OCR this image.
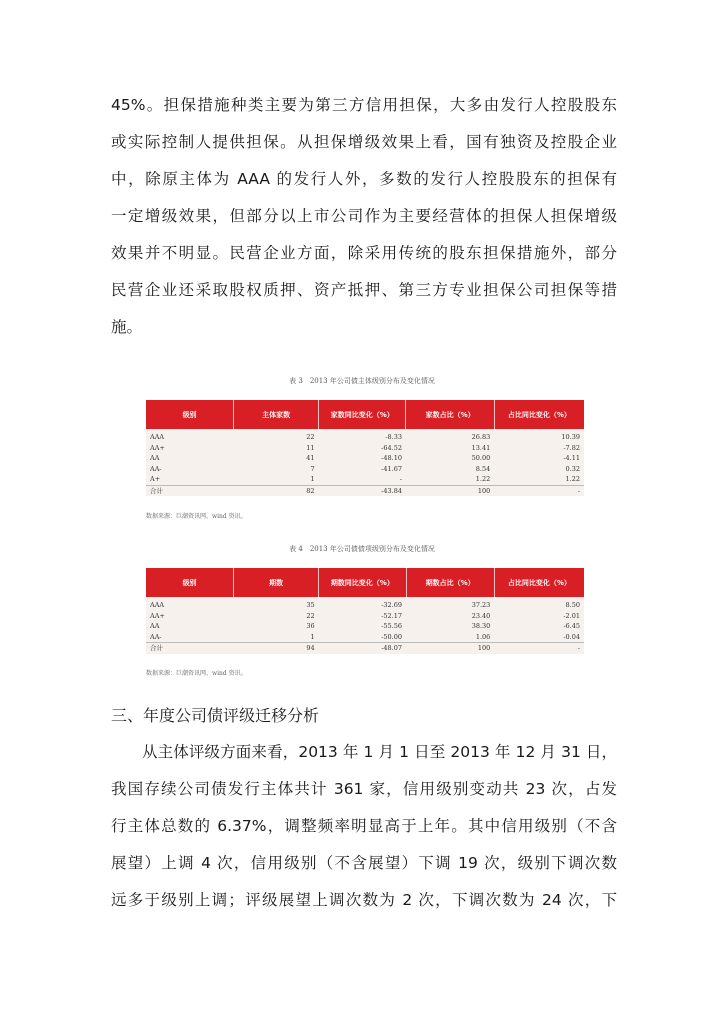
45%。担保措施种类主要为第三方信用担保，大多由发行人控股股东
或实际控制人提供担保。从担保增级效果上看，国有独资及控股企业
中，除原主体为 AAA 的发行人外，多数的发行人控股股东的担保有
一定增级效果，但部分以上市公司作为主要经营体的担保人担保增级
效果并不明显。民营企业方面，除采用传统的股东担保措施外，部分
民营企业还采取股权质押、资产抵押、第三方专业担保公司担保等措
施。
表 3　2013 年公司债主体级别分布及变化情况
级别	主体家数	家数同比变化（%）	家数占比（%）	占比同比变化（%）
AAA	22	-8.33	26.83	10.39
AA+	11	-64.52	13.41	-7.82
AA	41	-48.10	50.00	-4.11
AA-	7	-41.67	8.54	0.32
A+	1	-	1.22	1.22
合计	82	-43.84	100	-
数据来源：巨潮资讯网、wind 资讯。
表 4　2013 年公司债债项级别分布及变化情况
级别	期数	期数同比变化（%）	期数占比（%）	占比同比变化（%）
AAA	35	-32.69	37.23	8.50
AA+	22	-52.17	23.40	-2.01
AA	36	-55.56	38.30	-6.45
AA-	1	-50.00	1.06	-0.04
合计	94	-48.07	100	-
数据来源：巨潮资讯网、wind 资讯。
三、年度公司债评级迁移分析
从主体评级方面来看，2013 年 1 月 1 日至 2013 年 12 月 31 日，
我国存续公司债发行主体共计 361 家，信用级别变动共 23 次，占发
行主体总数的 6.37%，调整频率明显高于上年。其中信用级别（不含
展望）上调 4 次，信用级别（不含展望）下调 19 次，级别下调次数
远多于级别上调；评级展望上调次数为 2 次，下调次数为 24 次，下
